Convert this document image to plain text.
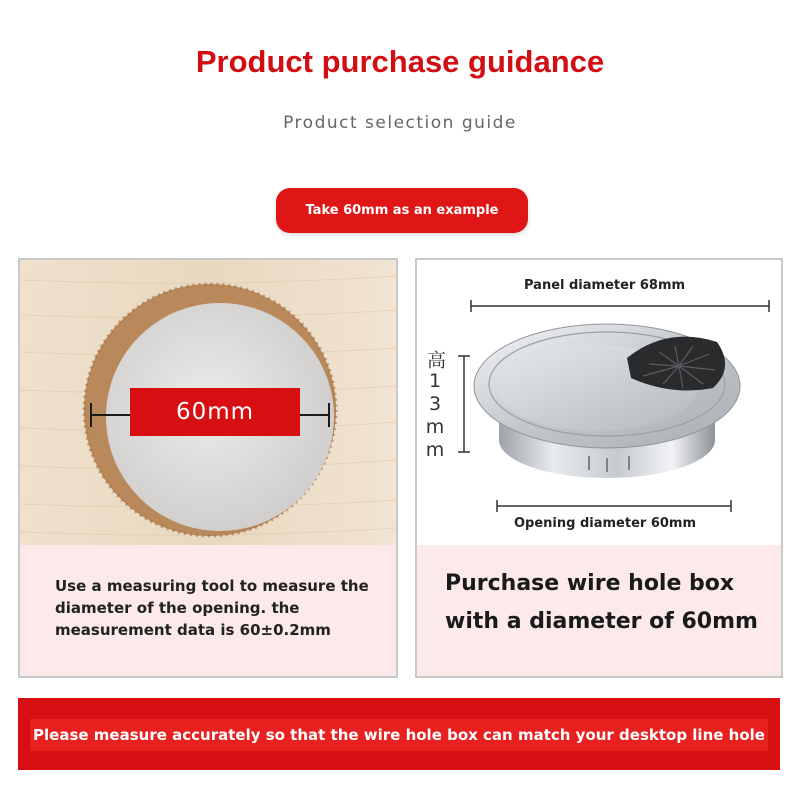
Product purchase guidance
Product selection guide
Take 60mm as an example
Use a measuring tool to measure the diameter of the opening. the measurement data is 60±0.2mm
60mm
Purchase wire hole box with a diameter of 60mm
Panel diameter 68mm
高13mm
Opening diameter 60mm
Please measure accurately so that the wire hole box can match your desktop line hole
